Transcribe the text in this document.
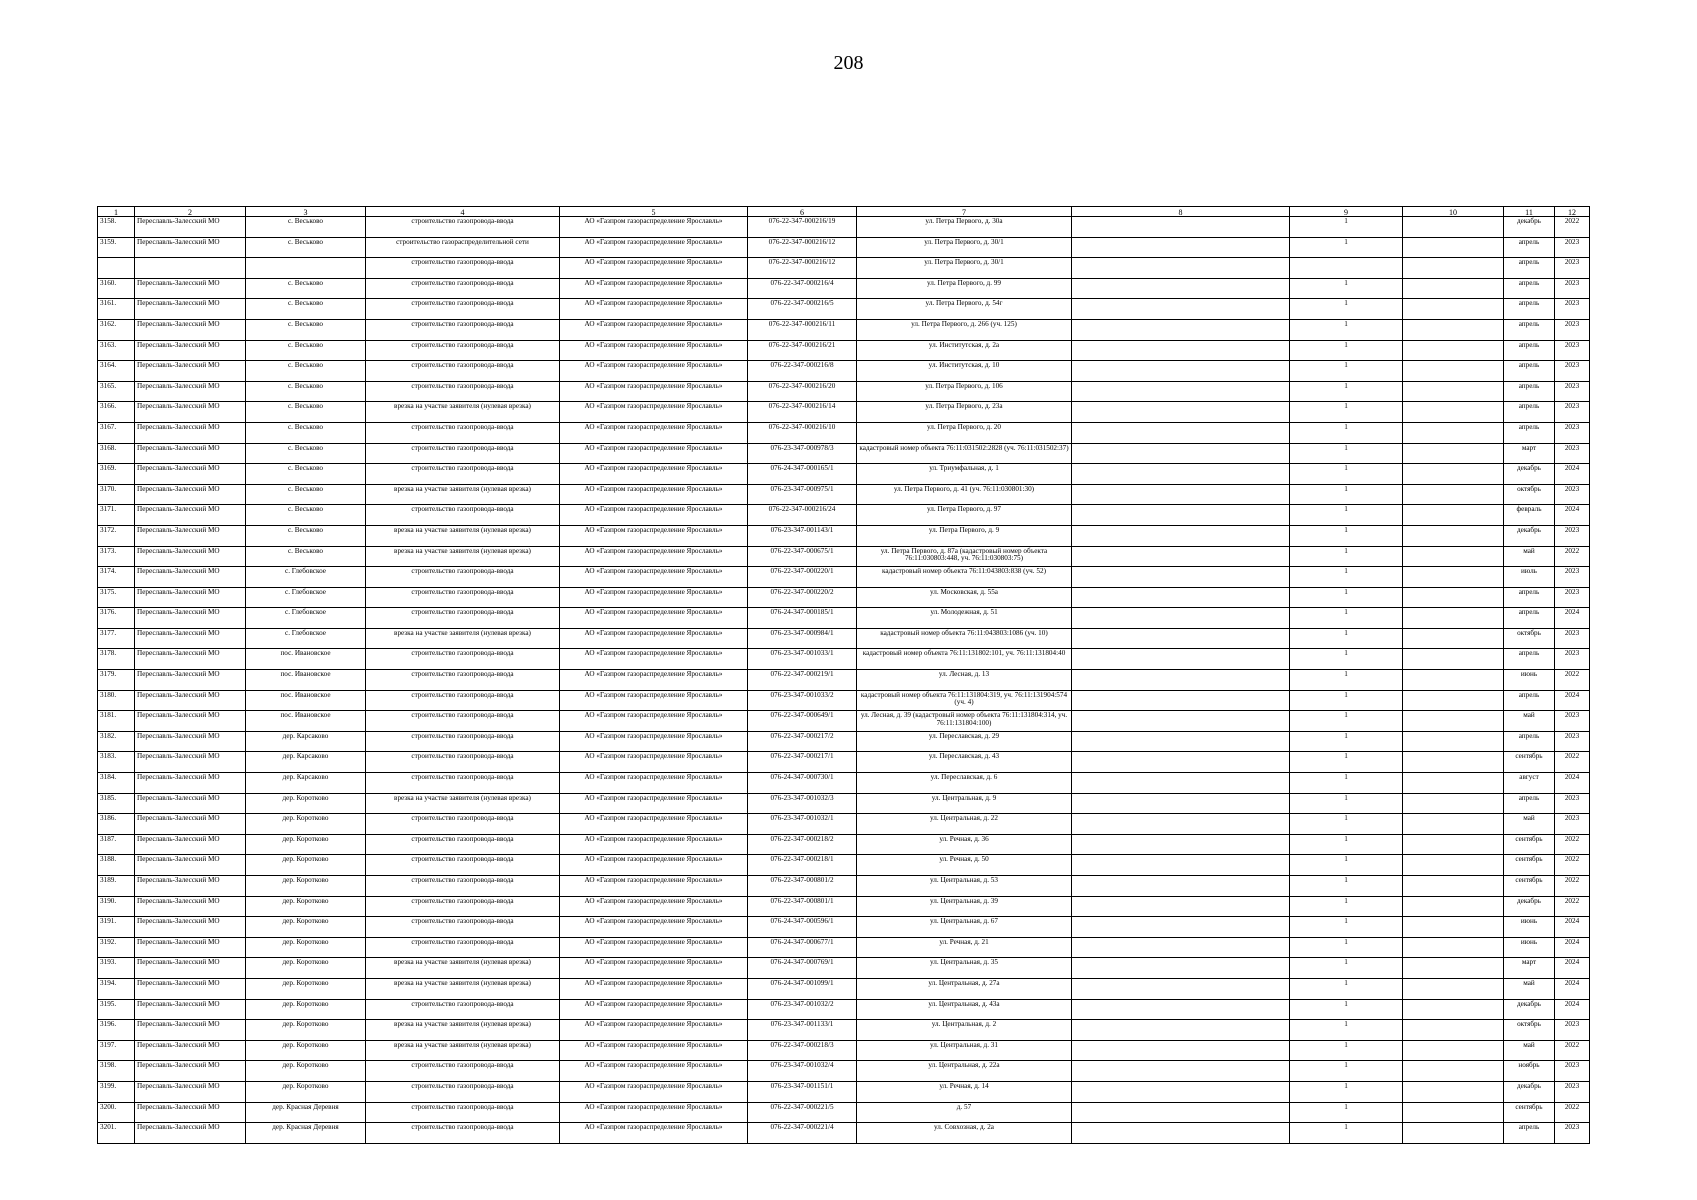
208
1	2	3	4	5	6	7	8	9	10	11	12
3158.	Переславль-Залесский МО	с. Веськово	строительство газопровода-ввода	АО «Газпром газораспределение Ярославль»	076-22-347-000216/19	ул. Петра Первого, д. 30а		1		декабрь	2022
3159.	Переславль-Залесский МО	с. Веськово	строительство газораспределительной сети	АО «Газпром газораспределение Ярославль»	076-22-347-000216/12	ул. Петра Первого, д. 30/1		1		апрель	2023
			строительство газопровода-ввода	АО «Газпром газораспределение Ярославль»	076-22-347-000216/12	ул. Петра Первого, д. 30/1				апрель	2023
3160.	Переславль-Залесский МО	с. Веськово	строительство газопровода-ввода	АО «Газпром газораспределение Ярославль»	076-22-347-000216/4	ул. Петра Первого, д. 99		1		апрель	2023
3161.	Переславль-Залесский МО	с. Веськово	строительство газопровода-ввода	АО «Газпром газораспределение Ярославль»	076-22-347-000216/5	ул. Петра Первого, д. 54г		1		апрель	2023
3162.	Переславль-Залесский МО	с. Веськово	строительство газопровода-ввода	АО «Газпром газораспределение Ярославль»	076-22-347-000216/11	ул. Петра Первого, д. 266 (уч. 125)		1		апрель	2023
3163.	Переславль-Залесский МО	с. Веськово	строительство газопровода-ввода	АО «Газпром газораспределение Ярославль»	076-22-347-000216/21	ул. Институтская, д. 2а		1		апрель	2023
3164.	Переславль-Залесский МО	с. Веськово	строительство газопровода-ввода	АО «Газпром газораспределение Ярославль»	076-22-347-000216/8	ул. Институтская, д. 10		1		апрель	2023
3165.	Переславль-Залесский МО	с. Веськово	строительство газопровода-ввода	АО «Газпром газораспределение Ярославль»	076-22-347-000216/20	ул. Петра Первого, д. 106		1		апрель	2023
3166.	Переславль-Залесский МО	с. Веськово	врезка на участке заявителя (нулевая врезка)	АО «Газпром газораспределение Ярославль»	076-22-347-000216/14	ул. Петра Первого, д. 23а		1		апрель	2023
3167.	Переславль-Залесский МО	с. Веськово	строительство газопровода-ввода	АО «Газпром газораспределение Ярославль»	076-22-347-000216/10	ул. Петра Первого, д. 20		1		апрель	2023
3168.	Переславль-Залесский МО	с. Веськово	строительство газопровода-ввода	АО «Газпром газораспределение Ярославль»	076-23-347-000978/3	кадастровый номер объекта 76:11:031502:2828 (уч. 76:11:031502:37)		1		март	2023
3169.	Переславль-Залесский МО	с. Веськово	строительство газопровода-ввода	АО «Газпром газораспределение Ярославль»	076-24-347-000165/1	ул. Триумфальная, д. 1		1		декабрь	2024
3170.	Переславль-Залесский МО	с. Веськово	врезка на участке заявителя (нулевая врезка)	АО «Газпром газораспределение Ярославль»	076-23-347-000975/1	ул. Петра Первого, д. 41 (уч. 76:11:030801:30)		1		октябрь	2023
3171.	Переславль-Залесский МО	с. Веськово	строительство газопровода-ввода	АО «Газпром газораспределение Ярославль»	076-22-347-000216/24	ул. Петра Первого, д. 97		1		февраль	2024
3172.	Переславль-Залесский МО	с. Веськово	врезка на участке заявителя (нулевая врезка)	АО «Газпром газораспределение Ярославль»	076-23-347-001143/1	ул. Петра Первого, д. 9		1		декабрь	2023
3173.	Переславль-Залесский МО	с. Веськово	врезка на участке заявителя (нулевая врезка)	АО «Газпром газораспределение Ярославль»	076-22-347-000675/1	ул. Петра Первого, д. 87а (кадастровый номер объекта 76:11:030803:448, уч. 76:11:030803:75)		1		май	2022
3174.	Переславль-Залесский МО	с. Глебовское	строительство газопровода-ввода	АО «Газпром газораспределение Ярославль»	076-22-347-000220/1	кадастровый номер объекта 76:11:043803:838 (уч. 52)		1		июль	2023
3175.	Переславль-Залесский МО	с. Глебовское	строительство газопровода-ввода	АО «Газпром газораспределение Ярославль»	076-22-347-000220/2	ул. Московская, д. 55а		1		апрель	2023
3176.	Переславль-Залесский МО	с. Глебовское	строительство газопровода-ввода	АО «Газпром газораспределение Ярославль»	076-24-347-000185/1	ул. Молодежная, д. 51		1		апрель	2024
3177.	Переславль-Залесский МО	с. Глебовское	врезка на участке заявителя (нулевая врезка)	АО «Газпром газораспределение Ярославль»	076-23-347-000984/1	кадастровый номер объекта 76:11:043803:1086 (уч. 10)		1		октябрь	2023
3178.	Переславль-Залесский МО	пос. Ивановское	строительство газопровода-ввода	АО «Газпром газораспределение Ярославль»	076-23-347-001033/1	кадастровый номер объекта 76:11:131802:101, уч. 76:11:131804:40		1		апрель	2023
3179.	Переславль-Залесский МО	пос. Ивановское	строительство газопровода-ввода	АО «Газпром газораспределение Ярославль»	076-22-347-000219/1	ул. Лесная, д. 13		1		июнь	2022
3180.	Переславль-Залесский МО	пос. Ивановское	строительство газопровода-ввода	АО «Газпром газораспределение Ярославль»	076-23-347-001033/2	кадастровый номер объекта 76:11:131804:319, уч. 76:11:131904:574 (уч. 4)		1		апрель	2024
3181.	Переславль-Залесский МО	пос. Ивановское	строительство газопровода-ввода	АО «Газпром газораспределение Ярославль»	076-22-347-000649/1	ул. Лесная, д. 39 (кадастровый номер объекта 76:11:131804:314, уч. 76:11:131804:100)		1		май	2023
3182.	Переславль-Залесский МО	дер. Карсаково	строительство газопровода-ввода	АО «Газпром газораспределение Ярославль»	076-22-347-000217/2	ул. Переславская, д. 29		1		апрель	2023
3183.	Переславль-Залесский МО	дер. Карсаково	строительство газопровода-ввода	АО «Газпром газораспределение Ярославль»	076-22-347-000217/1	ул. Переславская, д. 43		1		сентябрь	2022
3184.	Переславль-Залесский МО	дер. Карсаково	строительство газопровода-ввода	АО «Газпром газораспределение Ярославль»	076-24-347-000730/1	ул. Переславская, д. 6		1		август	2024
3185.	Переславль-Залесский МО	дер. Коротково	врезка на участке заявителя (нулевая врезка)	АО «Газпром газораспределение Ярославль»	076-23-347-001032/3	ул. Центральная, д. 9		1		апрель	2023
3186.	Переславль-Залесский МО	дер. Коротково	строительство газопровода-ввода	АО «Газпром газораспределение Ярославль»	076-23-347-001032/1	ул. Центральная, д. 22		1		май	2023
3187.	Переславль-Залесский МО	дер. Коротково	строительство газопровода-ввода	АО «Газпром газораспределение Ярославль»	076-22-347-000218/2	ул. Речная, д. 36		1		сентябрь	2022
3188.	Переславль-Залесский МО	дер. Коротково	строительство газопровода-ввода	АО «Газпром газораспределение Ярославль»	076-22-347-000218/1	ул. Речная, д. 50		1		сентябрь	2022
3189.	Переславль-Залесский МО	дер. Коротково	строительство газопровода-ввода	АО «Газпром газораспределение Ярославль»	076-22-347-000801/2	ул. Центральная, д. 53		1		сентябрь	2022
3190.	Переславль-Залесский МО	дер. Коротково	строительство газопровода-ввода	АО «Газпром газораспределение Ярославль»	076-22-347-000801/1	ул. Центральная, д. 39		1		декабрь	2022
3191.	Переславль-Залесский МО	дер. Коротково	строительство газопровода-ввода	АО «Газпром газораспределение Ярославль»	076-24-347-000596/1	ул. Центральная, д. 67		1		июнь	2024
3192.	Переславль-Залесский МО	дер. Коротково	строительство газопровода-ввода	АО «Газпром газораспределение Ярославль»	076-24-347-000677/1	ул. Речная, д. 21		1		июнь	2024
3193.	Переславль-Залесский МО	дер. Коротково	врезка на участке заявителя (нулевая врезка)	АО «Газпром газораспределение Ярославль»	076-24-347-000769/1	ул. Центральная, д. 35		1		март	2024
3194.	Переславль-Залесский МО	дер. Коротково	врезка на участке заявителя (нулевая врезка)	АО «Газпром газораспределение Ярославль»	076-24-347-001099/1	ул. Центральная, д. 27а		1		май	2024
3195.	Переславль-Залесский МО	дер. Коротково	строительство газопровода-ввода	АО «Газпром газораспределение Ярославль»	076-23-347-001032/2	ул. Центральная, д. 43а		1		декабрь	2024
3196.	Переславль-Залесский МО	дер. Коротково	врезка на участке заявителя (нулевая врезка)	АО «Газпром газораспределение Ярославль»	076-23-347-001133/1	ул. Центральная, д. 2		1		октябрь	2023
3197.	Переславль-Залесский МО	дер. Коротково	врезка на участке заявителя (нулевая врезка)	АО «Газпром газораспределение Ярославль»	076-22-347-000218/3	ул. Центральная, д. 31		1		май	2022
3198.	Переславль-Залесский МО	дер. Коротково	строительство газопровода-ввода	АО «Газпром газораспределение Ярославль»	076-23-347-001032/4	ул. Центральная, д. 22а		1		ноябрь	2023
3199.	Переславль-Залесский МО	дер. Коротково	строительство газопровода-ввода	АО «Газпром газораспределение Ярославль»	076-23-347-001151/1	ул. Речная, д. 14		1		декабрь	2023
3200.	Переславль-Залесский МО	дер. Красная Деревня	строительство газопровода-ввода	АО «Газпром газораспределение Ярославль»	076-22-347-000221/5	д. 57		1		сентябрь	2022
3201.	Переславль-Залесский МО	дер. Красная Деревня	строительство газопровода-ввода	АО «Газпром газораспределение Ярославль»	076-22-347-000221/4	ул. Совхозная, д. 2а		1		апрель	2023
